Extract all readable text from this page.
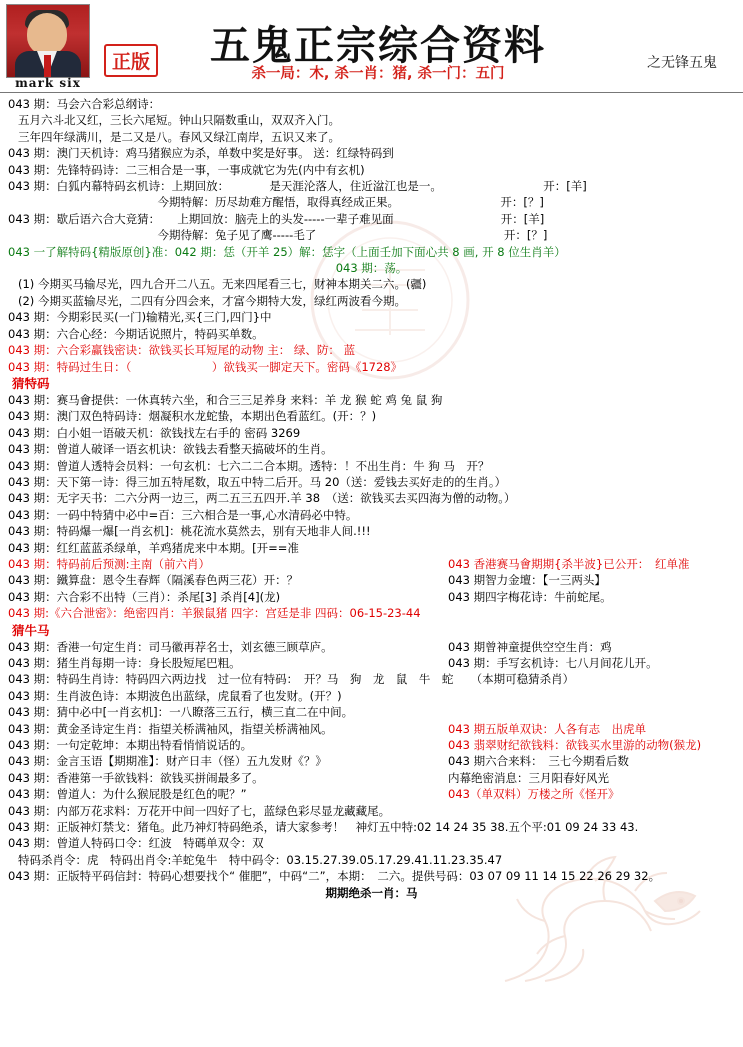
mark six
正版	五鬼正宗综合资料	之无锋五鬼
杀一局：木, 杀一肖：猪, 杀一门：五门
043 期：马会六合彩总纲诗：
五月六斗北又红，三长六尾短。钟山只隔数重山，双双齐入门。
三年四年绿满川，是二又是八。春风又绿江南岸，五识又来了。
043 期：澳门天机诗：鸡马猪猴应为杀，单数中奖是好事。 送：红绿特码到
043 期：先锋特码诗：二三相合是一事，一事成就它为先(内中有玄机)
043 期：白狐内幕特码玄机诗：上期回放：　　　　是天涯沦落人，住近湓江也是一。　　　　　　　　　 开：[羊]
　　　　　　　　　　　　　今期特解：历尽劫难方醒悟，取得真经成正果。　　　　　　　　　 开：[？]
043 期：歇后语六合大竞猜：　　上期回放：脑壳上的头发-----一辈子难见面　　　　　　　　　 开：[羊]
　　　　　　　　　　　　　今期待解：兔子见了鹰-----毛了　　　　　　　　　　　　　　　　 开：[？]
043 一了解特码{精版原创}准：042 期：恁（开羊 25）解：恁字（上面壬加下面心共 8 画, 开 8 位生肖羊）
043 期：荡。
(1) 今期买马输尽光，四九合开二八五。无来四尾看三七，财神本期关二六。(疆)
(2) 今期买蓝输尽光，二四有分四会来，才富今期特大发，绿红两波看今期。
043 期：今期彩民买(一门)输精光,买{三门,四门}中
043 期：六合心经：今期话说照片，特码买单数。
043 期：六合彩赢钱密诀：欲钱买长耳短尾的动物 主： 绿、防： 蓝
043 期：特码过生日：（　　　　　　　）欲钱买一脚定天下。密码《1728》
猜特码
043 期：赛马會提供：一休真转六坐，和合三三足养身 来料：羊 龙 猴 蛇 鸡 兔 鼠 狗
043 期：澳门双色特码诗：烟凝积水龙蛇蛰，本期出色看蓝红。(开：？)
043 期：白小姐一语破天机：欲钱找左右手的 密码 3269
043 期：曾道人破译一语玄机诀：欲钱去看整天搞破坏的生肖。
043 期：曾道人透特会员料：一句玄机：七六二二合本期。透特：！不出生肖：牛 狗 马　开？
043 期：天下第一诗：得三加五特尾数，取五中特二后开。马 20（送：爱钱去买好走的的生肖。）
043 期：无字天书：二六分两一边三，两二五三五四开.羊 38　（送：欲钱买去买四海为僧的动物。）
043 期：一码中特猜中必中=百：三六相合是一事,心水清码必中特。
043 期：特码爆一爆[一肖玄机]：桃花流水莫然去，别有天地非人间.!!!
043 期：红红蓝蓝杀绿单，羊鸡猪虎来中本期。[开==准
043 期：特码前后预测:主南（前六肖）	043 香港赛马會期期{杀半波}已公开：　红单准
043 期：鐵算盘：恩令生春辉（隔溪春色两三花）开：？	043 期智力金壇：【一三两头】
043 期：六合彩不出特（三肖）：杀尾[3] 杀肖[4](龙)	043 期四字梅花诗：牛前蛇尾。
043 期:《六合泄密》：绝密四肖：羊猴鼠猪 四字：宫廷是非 四码：06-15-23-44
猜牛马
043 期：香港一句定生肖：司马徽再荐名士，刘玄德三顾草庐。	043 期曾神童提供空空生肖：鸡
043 期：猪生肖每期一诗：身长股短尾巴粗。	043 期：手写玄机诗：七八月间花儿开。
043 期：特码生肖诗：特码四六两边找　过一位有特码：　开？马　狗　龙　鼠　牛　蛇　　（本期可稳猜杀肖）
043 期：生肖波色诗：本期波色出蓝绿，虎鼠看了也发财。(开？)
043 期：猜中必中[一肖玄机]：一八瞭落三五行，横三直二在中间。
043 期：黄金圣诗定生肖：指望关桥满袖风，指望关桥满袖风。	043 期五版单双诀：人各有志　出虎单
043 期：一句定乾坤：本期出特看悄悄说话的。	043 翡翠财纪欲钱料：欲钱买水里游的动物(猴龙)
043 期：金言玉语【期期准】：财产日丰（怪）五九发财《？》	043 期六合来料：　三七今期看后数
043 期：香港第一手欲钱料：欲钱买拼闹最多了。	内幕绝密消息：三月阳春好风光
043 期：曾道人：为什么猴屁股是红色的呢？”	043（单双料）万楼之所《怪开》
043 期：内部万花求料：万花开中间一四好了七，蓝绿色彩尽显龙藏藏尾。
043 期：正版神灯禁戈：猪龟。此乃神灯特码绝杀，请大家参考！　神灯五中特:02 14 24 35 38.五个平:01 09 24 33 43.
043 期：曾道人特码口令：红波　特碼单双令：双
特码杀肖令：虎　特码出肖令:羊蛇兔牛　特中码令：03.15.27.39.05.17.29.41.11.23.35.47
043 期：正版特平码信封：特码心想要找个“ 催肥”，中码“二”，本期：　二六。提供号码：03 07 09 11 14 15 22 26 29 32。
期期绝杀一肖：马
